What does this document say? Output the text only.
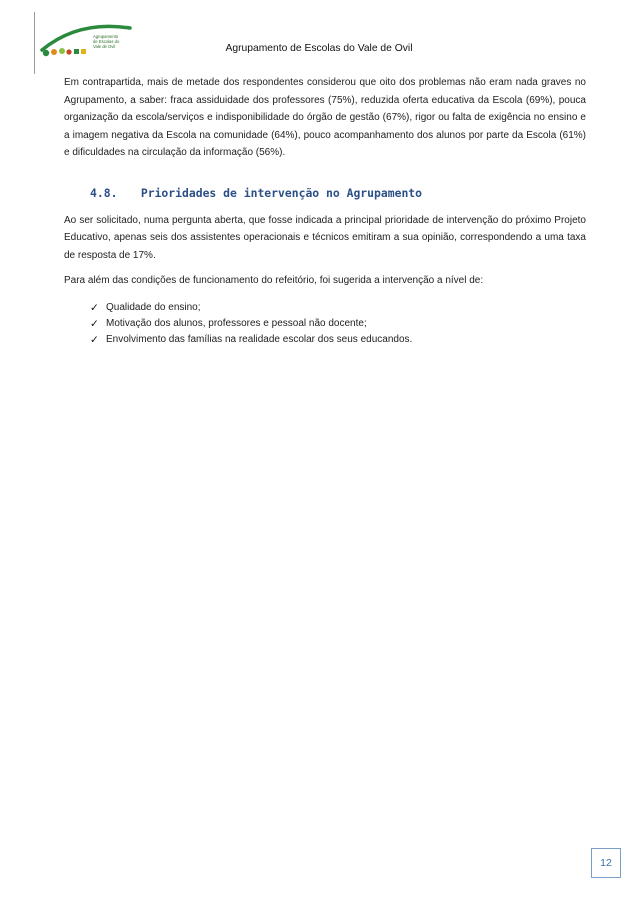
Agrupamento
de Escolas do
Vale de Ovil	Agrupamento de Escolas do Vale de Ovil

Em contrapartida, mais de metade dos respondentes considerou que oito dos problemas não eram nada graves no Agrupamento, a saber: fraca assiduidade dos professores (75%), reduzida oferta educativa da Escola (69%), pouca organização da escola/serviços e indisponibilidade do órgão de gestão (67%), rigor ou falta de exigência no ensino e a imagem negativa da Escola na comunidade (64%), pouco acompanhamento dos alunos por parte da Escola (61%) e dificuldades na circulação da informação (56%).

4.8. Prioridades de intervenção no Agrupamento

Ao ser solicitado, numa pergunta aberta, que fosse indicada a principal prioridade de intervenção do próximo Projeto Educativo, apenas seis dos assistentes operacionais e técnicos emitiram a sua opinião, correspondendo a uma taxa de resposta de 17%.

Para além das condições de funcionamento do refeitório, foi sugerida a intervenção a nível de:

✓ Qualidade do ensino;
✓ Motivação dos alunos, professores e pessoal não docente;
✓ Envolvimento das famílias na realidade escolar dos seus educandos.
12
